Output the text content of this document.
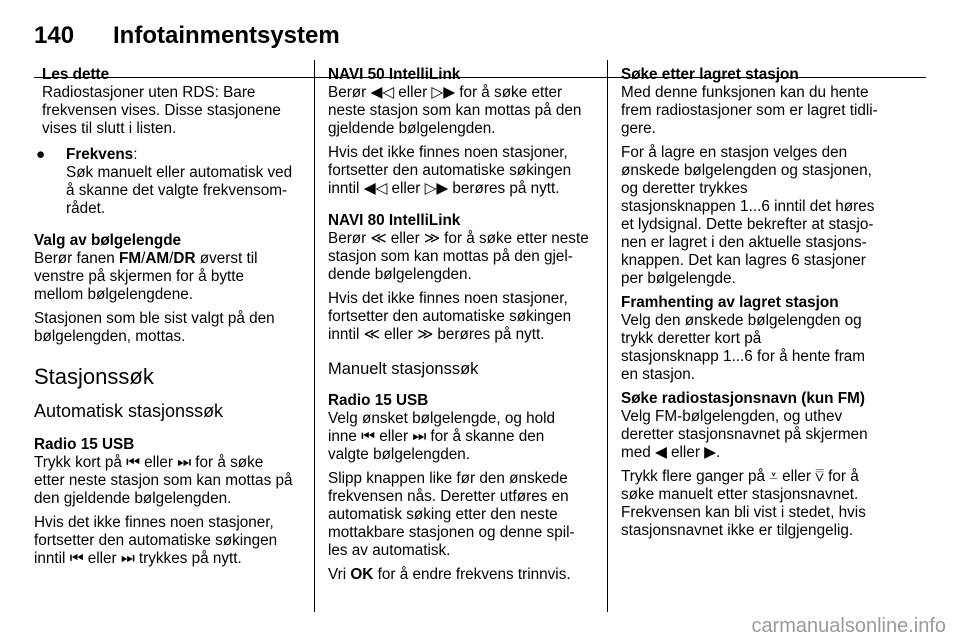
140 Infotainmentsystem
Les dette
Radiostasjoner uten RDS: Bare
frekvensen vises. Disse stasjonene
vises til slutt i listen.
● Frekvens:
Søk manuelt eller automatisk ved
å skanne det valgte frekvensom-
rådet.
Valg av bølgelengde
Berør fanen FM/AM/DR øverst til
venstre på skjermen for å bytte
mellom bølgelengdene.
Stasjonen som ble sist valgt på den
bølgelengden, mottas.
Stasjonssøk
Automatisk stasjonssøk
Radio 15 USB
Trykk kort på ⏮ eller ⏭ for å søke
etter neste stasjon som kan mottas på
den gjeldende bølgelengden.
Hvis det ikke finnes noen stasjoner,
fortsetter den automatiske søkingen
inntil ⏮ eller ⏭ trykkes på nytt.
NAVI 50 IntelliLink
Berør ◀◁ eller ▷▶ for å søke etter
neste stasjon som kan mottas på den
gjeldende bølgelengden.
Hvis det ikke finnes noen stasjoner,
fortsetter den automatiske søkingen
inntil ◀◁ eller ▷▶ berøres på nytt.
NAVI 80 IntelliLink
Berør ≪ eller ≫ for å søke etter neste
stasjon som kan mottas på den gjel-
dende bølgelengden.
Hvis det ikke finnes noen stasjoner,
fortsetter den automatiske søkingen
inntil ≪ eller ≫ berøres på nytt.
Manuelt stasjonssøk
Radio 15 USB
Velg ønsket bølgelengde, og hold
inne ⏮ eller ⏭ for å skanne den
valgte bølgelengden.
Slipp knappen like før den ønskede
frekvensen nås. Deretter utføres en
automatisk søking etter den neste
mottakbare stasjonen og denne spil-
les av automatisk.
Vri OK for å endre frekvens trinnvis.
Søke etter lagret stasjon
Med denne funksjonen kan du hente
frem radiostasjoner som er lagret tidli-
gere.
For å lagre en stasjon velges den
ønskede bølgelengden og stasjonen,
og deretter trykkes
stasjonsknappen 1...6 inntil det høres
et lydsignal. Dette bekrefter at stasjo-
nen er lagret i den aktuelle stasjons-
knappen. Det kan lagres 6 stasjoner
per bølgelengde.
Framhenting av lagret stasjon
Velg den ønskede bølgelengden og
trykk deretter kort på
stasjonsknapp 1...6 for å hente fram
en stasjon.
Søke radiostasjonsnavn (kun FM)
Velg FM-bølgelengden, og uthev
deretter stasjonsnavnet på skjermen
med ◀ eller ▶.
Trykk flere ganger på ⩡ eller ⩢ for å
søke manuelt etter stasjonsnavnet.
Frekvensen kan bli vist i stedet, hvis
stasjonsnavnet ikke er tilgjengelig.
carmanualsonline.info
